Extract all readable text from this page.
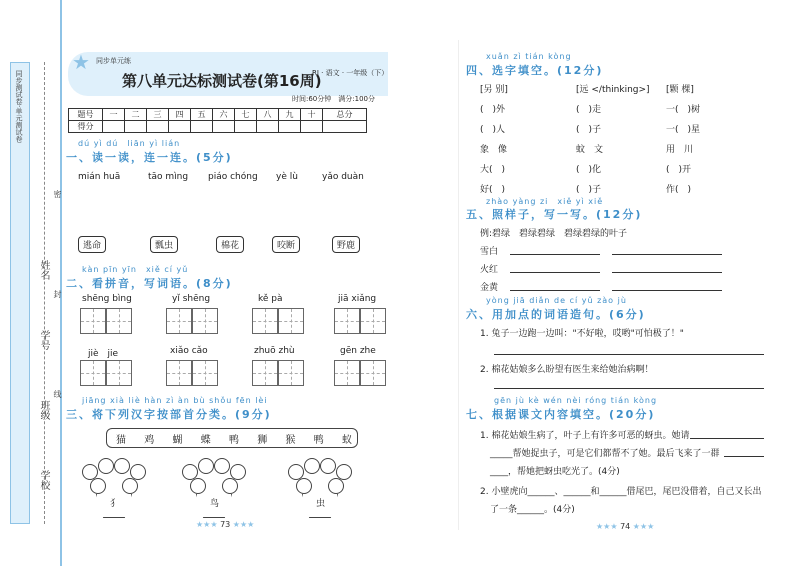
同步测试卷·单元测试卷
学校
班级
学号
姓名
密
封
线
★ 同步单元练
第八单元达标测试卷(第16周)
RJ · 语文 · 一年级（下）
时间:60分钟　满分:100分
题号	一	二	三	四	五	六	七	八	九	十	总分
得分											
dú yì dú　liān yì lián
一、读一读，连一连。(5分)
mián huā	tāo mìng piáo chóng yè lù	yǎo duàn
逃命	瓢虫	棉花	咬断	野鹿
kàn pīn yīn　xiě cí yǔ
二、看拼音，写词语。(8分)
shēng bìng	yǐ shēng	kě pà	jiā xiǎng
jiè　jie	xiǎo cǎo	zhuō zhù	gēn zhe
jiāng xià liè hàn zì àn bù shǒu fēn lèi
三、将下列汉字按部首分类。(9分)
猫 鸡 蝴 蝶 鸭 狮 猴 鸭 蚁
犭	鸟	虫
★★★ 73 ★★★
xuǎn zì tián kòng
四、选字填空。(12分)
[另 别]	[远 </thinking>] [颗 棵]
(　)外	(　)走	一(　)树
(　)人	(　)子	一(　)星
象　像	蚊　文	用　川
大(　)	(　)化	(　)开
好(　)	(　)子	作(　)
zhào yàng zi　xiě yì xiě
五、照样子，写一写。(12分)
例:碧绿　碧绿碧绿　碧绿碧绿的叶子
雪白
火红
金黄
yòng jiā diǎn de cí yǔ zào jù
六、用加点的词语造句。(6分)
1. 兔子一边跑一边叫："不好啦，哎哟"可怕极了！"
2. 棉花姑娘多么盼望有医生来给她治病啊！
gēn jù kè wén nèi róng tián kòng
七、根据课文内容填空。(20分)
1. 棉花姑娘生病了，叶子上有许多可恶的蚜虫。她请
_____帮她捉虫子，可是它们都帮不了她。最后飞来了一群
____，帮她把蚜虫吃光了。(4分)
2. 小壁虎向______、______和______借尾巴，尾巴没借着，自己又长出
了一条______。(4分)
★★★ 74 ★★★
